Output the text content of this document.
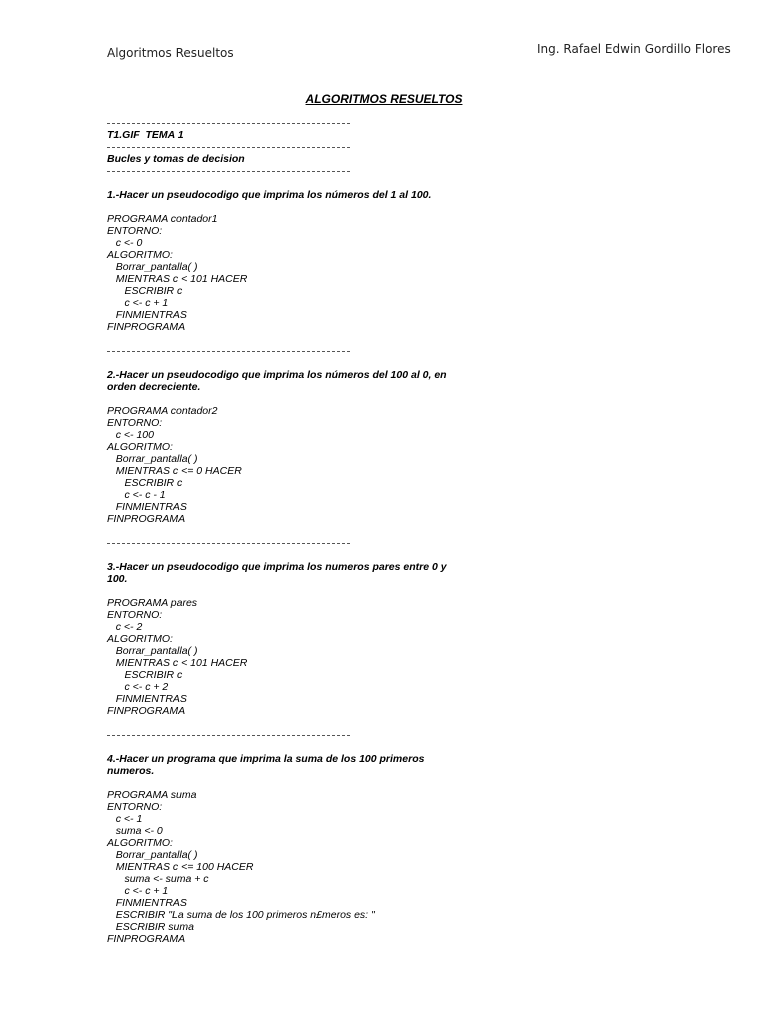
Algoritmos Resueltos	Ing. Rafael Edwin Gordillo Flores
ALGORITMOS RESUELTOS
T1.GIF  TEMA 1
Bucles y tomas de decision
1.-Hacer un pseudocodigo que imprima los números del 1 al 100.
PROGRAMA contador1
ENTORNO:
c <- 0
ALGORITMO:
Borrar_pantalla( )
MIENTRAS c < 101 HACER
ESCRIBIR c
c <- c + 1
FINMIENTRAS
FINPROGRAMA
2.-Hacer un pseudocodigo que imprima los números del 100 al 0, en orden decreciente.
PROGRAMA contador2
ENTORNO:
c <- 100
ALGORITMO:
Borrar_pantalla( )
MIENTRAS c <= 0 HACER
ESCRIBIR c
c <- c - 1
FINMIENTRAS
FINPROGRAMA
3.-Hacer un pseudocodigo que imprima los numeros pares entre 0 y 100.
PROGRAMA pares
ENTORNO:
c <- 2
ALGORITMO:
Borrar_pantalla( )
MIENTRAS c < 101 HACER
ESCRIBIR c
c <- c + 2
FINMIENTRAS
FINPROGRAMA
4.-Hacer un programa que imprima la suma de los 100 primeros numeros.
PROGRAMA suma
ENTORNO:
c <- 1
suma <- 0
ALGORITMO:
Borrar_pantalla( )
MIENTRAS c <= 100 HACER
suma <- suma + c
c <- c + 1
FINMIENTRAS
ESCRIBIR "La suma de los 100 primeros n£meros es: "
ESCRIBIR suma
FINPROGRAMA
